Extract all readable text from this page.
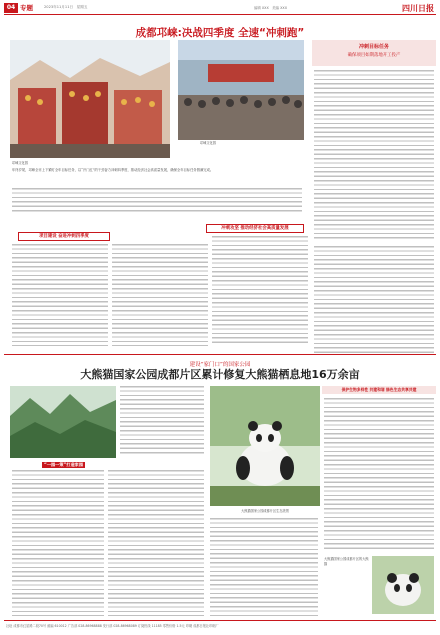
04 专题	2023年11月11日　星期五	编辑 XXX　美编 XXX	四川日报
成都邛崃:决战四季度 全速“冲刺跑”
邛崃文化园
邛崃文化园
冲刺目标任务
确保项目如期落地开工投产
年终岁尾，邛崃全市上下紧盯全年目标任务，以“开门红”的干劲奋力冲刺四季度，推动经济社会高质量发展，确保全年目标任务圆满完成。
项目建设 奋进冲刺四季度
冲刺攻坚 推动经济社会高质量发展
建设“家门口”的国家公园
大熊猫国家公园成都片区累计修复大熊猫栖息地16万余亩
“一园一策”打造家园
大熊猫国家公园成都片区生态美景
保护生物多样性 共建和谐 绿色生态共享共建
大熊猫国家公园成都片区的大熊猫
社址 成都市红星路二段70号 邮编 610012 广告部 028-86968888 发行部 028-86968089 订阅热线 11185 零售价格 1.5元 印刷 成都日报社印刷厂
